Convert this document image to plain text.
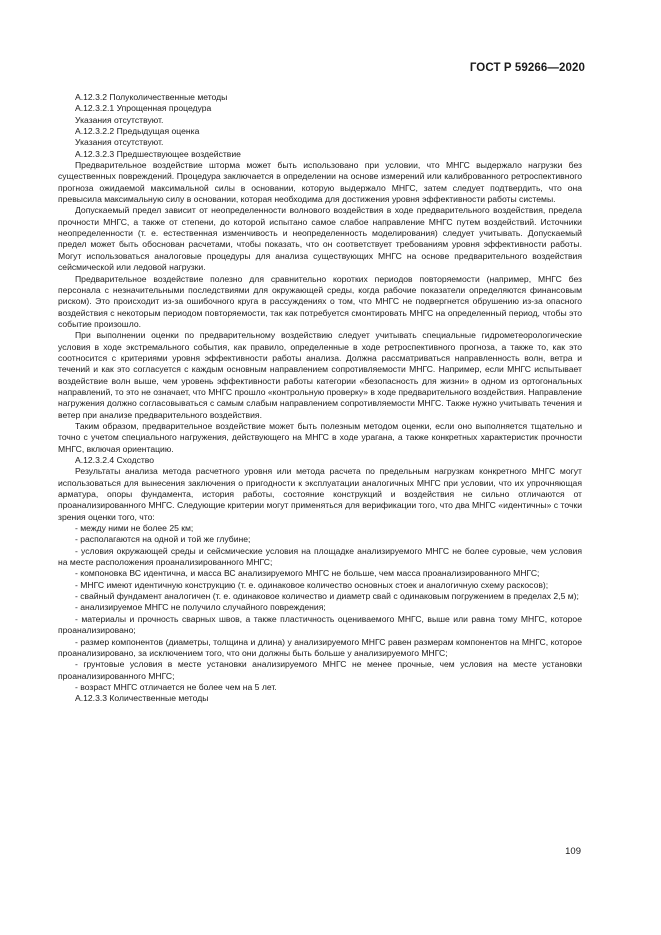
ГОСТ Р 59266—2020

А.12.3.2 Полуколичественные методы

А.12.3.2.1 Упрощенная процедура

Указания отсутствуют.

А.12.3.2.2 Предыдущая оценка

Указания отсутствуют.

А.12.3.2.3 Предшествующее воздействие

Предварительное воздействие шторма может быть использовано при условии, что МНГС выдержало нагрузки без существенных повреждений. Процедура заключается в определении на основе измерений или калиброванного ретроспективного прогноза ожидаемой максимальной силы в основании, которую выдержало МНГС, затем следует подтвердить, что она превысила максимальную силу в основании, которая необходима для достижения уровня эффективности работы системы.

Допускаемый предел зависит от неопределенности волнового воздействия в ходе предварительного воздействия, предела прочности МНГС, а также от степени, до которой испытано самое слабое направление МНГС путем воздействий. Источники неопределенности (т. е. естественная изменчивость и неопределенность моделирования) следует учитывать. Допускаемый предел может быть обоснован расчетами, чтобы показать, что он соответствует требованиям уровня эффективности работы. Могут использоваться аналоговые процедуры для анализа существующих МНГС на основе предварительного воздействия сейсмической или ледовой нагрузки.

Предварительное воздействие полезно для сравнительно коротких периодов повторяемости (например, МНГС без персонала с незначительными последствиями для окружающей среды, когда рабочие показатели определяются финансовым риском). Это происходит из-за ошибочного круга в рассуждениях о том, что МНГС не подвергнется обрушению из-за опасного воздействия с некоторым периодом повторяемости, так как потребуется смонтировать МНГС на определенный период, чтобы это событие произошло.

При выполнении оценки по предварительному воздействию следует учитывать специальные гидрометеорологические условия в ходе экстремального события, как правило, определенные в ходе ретроспективного прогноза, а также то, как это соотносится с критериями уровня эффективности работы анализа. Должна рассматриваться направленность волн, ветра и течений и как это согласуется с каждым основным направлением сопротивляемости МНГС. Например, если МНГС испытывает воздействие волн выше, чем уровень эффективности работы категории «безопасность для жизни» в одном из ортогональных направлений, то это не означает, что МНГС прошло «контрольную проверку» в ходе предварительного воздействия. Направление нагружения должно согласовываться с самым слабым направлением сопротивляемости МНГС. Также нужно учитывать течения и ветер при анализе предварительного воздействия.

Таким образом, предварительное воздействие может быть полезным методом оценки, если оно выполняется тщательно и точно с учетом специального нагружения, действующего на МНГС в ходе урагана, а также конкретных характеристик прочности МНГС, включая ориентацию.

А.12.3.2.4 Сходство

Результаты анализа метода расчетного уровня или метода расчета по предельным нагрузкам конкретного МНГС могут использоваться для вынесения заключения о пригодности к эксплуатации аналогичных МНГС при условии, что их упрочняющая арматура, опоры фундамента, история работы, состояние конструкций и воздействия не сильно отличаются от проанализированного МНГС. Следующие критерии могут применяться для верификации того, что два МНГС «идентичны» с точки зрения оценки того, что:

- между ними не более 25 км;

- располагаются на одной и той же глубине;

- условия окружающей среды и сейсмические условия на площадке анализируемого МНГС не более суровые, чем условия на месте расположения проанализированного МНГС;

- компоновка ВС идентична, и масса ВС анализируемого МНГС не больше, чем масса проанализированного МНГС;

- МНГС имеют идентичную конструкцию (т. е. одинаковое количество основных стоек и аналогичную схему раскосов);

- свайный фундамент аналогичен (т. е. одинаковое количество и диаметр свай с одинаковым погружением в пределах 2,5 м);

- анализируемое МНГС не получило случайного повреждения;

- материалы и прочность сварных швов, а также пластичность оцениваемого МНГС, выше или равна тому МНГС, которое проанализировано;

- размер компонентов (диаметры, толщина и длина) у анализируемого МНГС равен размерам компонентов на МНГС, которое проанализировано, за исключением того, что они должны быть больше у анализируемого МНГС;

- грунтовые условия в месте установки анализируемого МНГС не менее прочные, чем условия на месте установки проанализированного МНГС;

- возраст МНГС отличается не более чем на 5 лет.

А.12.3.3 Количественные методы

109
